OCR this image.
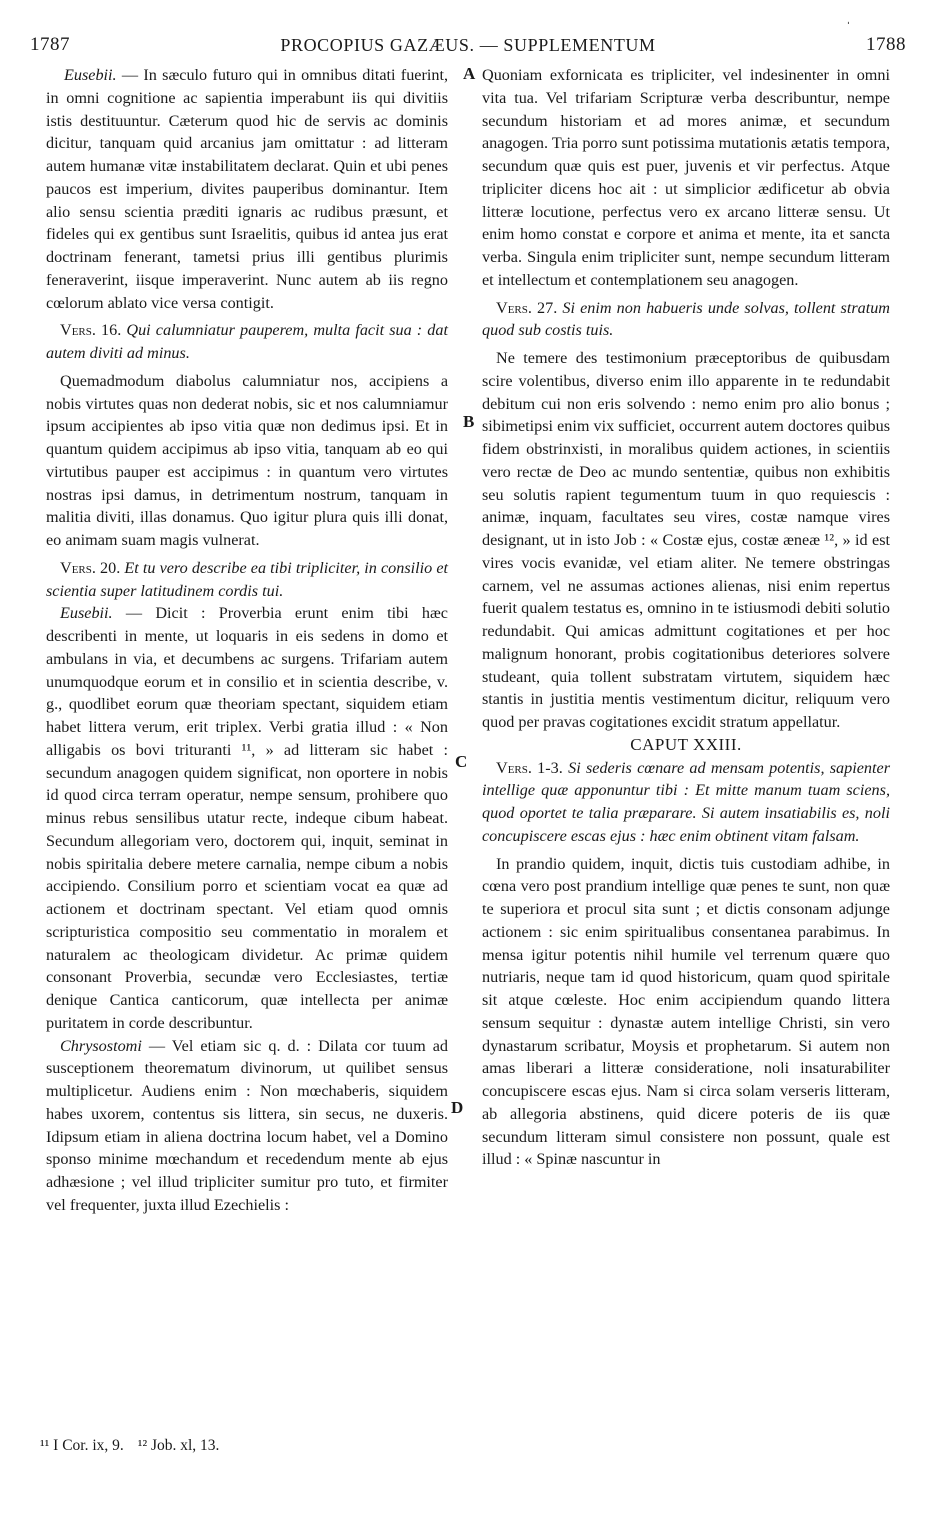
1787	PROCOPIUS GAZÆUS. — SUPPLEMENTUM	1788
ˌ
A
B
C
D

Eusebii. — In sæculo futuro qui in omnibus ditati fuerint, in omni cognitione ac sapientia imperabunt iis qui divitiis istis destituuntur. Cæterum quod hic de servis ac dominis dicitur, tanquam quid arcanius jam omittatur : ad litteram autem humanæ vitæ instabilitatem declarat. Quin et ubi penes paucos est imperium, divites pauperibus dominantur. Item alio sensu scientia præditi ignaris ac rudibus præsunt, et fideles qui ex gentibus sunt Israelitis, quibus id antea jus erat doctrinam fenerant, tametsi prius illi gentibus plurimis feneraverint, iisque imperaverint. Nunc autem ab iis regno cœlorum ablato vice versa contigit.

Vers. 16. Qui calumniatur pauperem, multa facit sua : dat autem diviti ad minus.

Quemadmodum diabolus calumniatur nos, accipiens a nobis virtutes quas non dederat nobis, sic et nos calumniamur ipsum accipientes ab ipso vitia quæ non dedimus ipsi. Et in quantum quidem accipimus ab ipso vitia, tanquam ab eo qui virtutibus pauper est accipimus : in quantum vero virtutes nostras ipsi damus, in detrimentum nostrum, tanquam in malitia diviti, illas donamus. Quo igitur plura quis illi donat, eo animam suam magis vulnerat.

Vers. 20. Et tu vero describe ea tibi tripliciter, in consilio et scientia super latitudinem cordis tui.

Eusebii. — Dicit : Proverbia erunt enim tibi hæc describenti in mente, ut loquaris in eis sedens in domo et ambulans in via, et decumbens ac surgens. Trifariam autem unumquodque eorum et in consilio et in scientia describe, v. g., quodlibet eorum quæ theoriam spectant, siquidem etiam habet littera verum, erit triplex. Verbi gratia illud : « Non alligabis os bovi trituranti ¹¹, » ad litteram sic habet : secundum anagogen quidem significat, non oportere in nobis id quod circa terram operatur, nempe sensum, prohibere quo minus rebus sensilibus utatur recte, indeque cibum habeat. Secundum allegoriam vero, doctorem qui, inquit, seminat in nobis spiritalia debere metere carnalia, nempe cibum a nobis accipiendo. Consilium porro et scientiam vocat ea quæ ad actionem et doctrinam spectant. Vel etiam quod omnis scripturistica compositio seu commentatio in moralem et naturalem ac theologicam dividetur. Ac primæ quidem consonant Proverbia, secundæ vero Ecclesiastes, tertiæ denique Cantica canticorum, quæ intellecta per animæ puritatem in corde describuntur.

Chrysostomi — Vel etiam sic q. d. : Dilata cor tuum ad susceptionem theorematum divinorum, ut quilibet sensus multiplicetur. Audiens enim : Non mœchaberis, siquidem habes uxorem, contentus sis littera, sin secus, ne duxeris. Idipsum etiam in aliena doctrina locum habet, vel a Domino sponso minime mœchandum et recedendum mente ab ejus adhæsione ; vel illud tripliciter sumitur pro tuto, et firmiter vel frequenter, juxta illud Ezechielis :

¹¹ I Cor. ix, 9. ¹² Job. xl, 13.

Quoniam exfornicata es tripliciter, vel indesinenter in omni vita tua. Vel trifariam Scripturæ verba describuntur, nempe secundum historiam et ad mores animæ, et secundum anagogen. Tria porro sunt potissima mutationis ætatis tempora, secundum quæ quis est puer, juvenis et vir perfectus. Atque tripliciter dicens hoc ait : ut simplicior ædificetur ab obvia litteræ locutione, perfectus vero ex arcano litteræ sensu. Ut enim homo constat e corpore et anima et mente, ita et sancta verba. Singula enim tripliciter sunt, nempe secundum litteram et intellectum et contemplationem seu anagogen.

Vers. 27. Si enim non habueris unde solvas, tollent stratum quod sub costis tuis.

Ne temere des testimonium præceptoribus de quibusdam scire volentibus, diverso enim illo apparente in te redundabit debitum cui non eris solvendo : nemo enim pro alio bonus ; sibimetipsi enim vix sufficiet, occurrent autem doctores quibus fidem obstrinxisti, in moralibus quidem actiones, in scientiis vero rectæ de Deo ac mundo sententiæ, quibus non exhibitis seu solutis rapient tegumentum tuum in quo requiescis : animæ, inquam, facultates seu vires, costæ namque vires designant, ut in isto Job : « Costæ ejus, costæ æneæ ¹², » id est vires vocis evanidæ, vel etiam aliter. Ne temere obstringas carnem, vel ne assumas actiones alienas, nisi enim repertus fuerit qualem testatus es, omnino in te istiusmodi debiti solutio redundabit. Qui amicas admittunt cogitationes et per hoc malignum honorant, probis cogitationibus deteriores solvere studeant, quia tollent substratam virtutem, siquidem hæc stantis in justitia mentis vestimentum dicitur, reliquum vero quod per pravas cogitationes excidit stratum appellatur.

CAPUT XXIII.

Vers. 1-3. Si sederis cœnare ad mensam potentis, sapienter intellige quæ apponuntur tibi : Et mitte manum tuam sciens, quod oportet te talia præparare. Si autem insatiabilis es, noli concupiscere escas ejus : hæc enim obtinent vitam falsam.

In prandio quidem, inquit, dictis tuis custodiam adhibe, in cœna vero post prandium intellige quæ penes te sunt, non quæ te superiora et procul sita sunt ; et dictis consonam adjunge actionem : sic enim spiritualibus consentanea parabimus. In mensa igitur potentis nihil humile vel terrenum quære quo nutriaris, neque tam id quod historicum, quam quod spiritale sit atque cœleste. Hoc enim accipiendum quando littera sensum sequitur : dynastæ autem intellige Christi, sin vero dynastarum scribatur, Moysis et prophetarum. Si autem non amas liberari a litteræ consideratione, noli insaturabiliter concupiscere escas ejus. Nam si circa solam verseris litteram, ab allegoria abstinens, quid dicere poteris de iis quæ secundum litteram simul consistere non possunt, quale est illud : « Spinæ nascuntur in
